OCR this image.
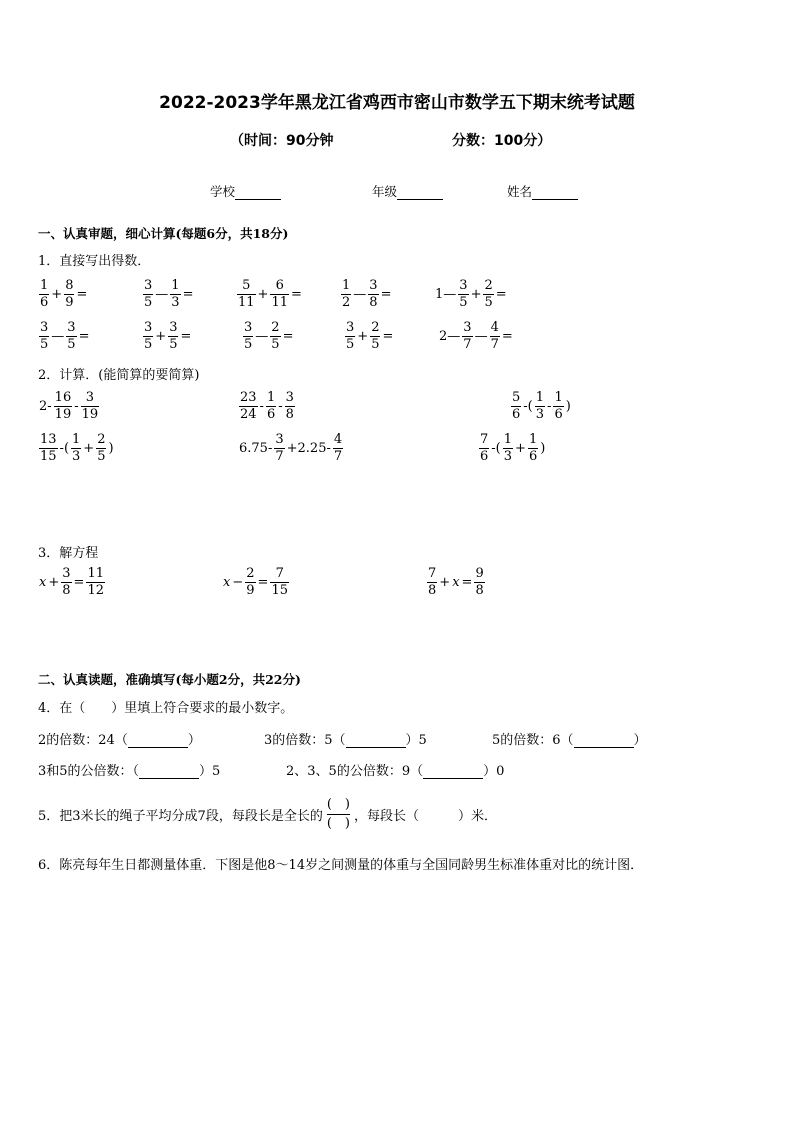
2022-2023学年黑龙江省鸡西市密山市数学五下期末统考试题
（时间：90分钟	分数：100分）
学校	年级	姓名
一、认真审题，细心计算(每题6分，共18分)
1．直接写出得数．
$\frac{1}{6} + \frac{8}{9}$ =	$\frac{3}{5}$ — $\frac{1}{3}$ =	$\frac{5}{11} + \frac{6}{11}$ =	$\frac{1}{2}$ — $\frac{3}{8}$ =	1— $\frac{3}{5} + \frac{2}{5}$ =
$\frac{3}{5}$ — $\frac{3}{5}$ =	$\frac{3}{5} + \frac{3}{5}$ =	$\frac{3}{5}$ — $\frac{2}{5}$ =	$\frac{3}{5} + \frac{2}{5}$ =	2— $\frac{3}{7}$ — $\frac{4}{7}$ =
2．计算．(能简算的要简算)
$2- \frac{16}{19} - \frac{3}{19}$	$\frac{23}{24} - \frac{1}{6} - \frac{3}{8}$	$\frac{5}{6}$ -( $\frac{1}{3} - \frac{1}{6}$ )
$\frac{13}{15}$ -( $\frac{1}{3} + \frac{2}{5}$ )	$6.75- \frac{3}{7} +2.25- \frac{4}{7}$	$\frac{7}{6}$ -( $\frac{1}{3} + \frac{1}{6}$ )
3．解方程
$x + \frac{3}{8} = \frac{11}{12}$	$x - \frac{2}{9} = \frac{7}{15}$	$\frac{7}{8} + x = \frac{9}{8}$
二、认真读题，准确填写(每小题2分，共22分)
4．在（　　）里填上符合要求的最小数字。
2的倍数：24（	）	3的倍数：5（	）5	5的倍数：6（	）
3和5的公倍数：（	）5	2、3、5的公倍数：9（	）0
5．把3米长的绳子平均分成7段，每段长是全长的
(　)
(　) ，每段长（　　　）米．
6．陈亮每年生日都测量体重．下图是他8～14岁之间测量的体重与全国同龄男生标准体重对比的统计图．
